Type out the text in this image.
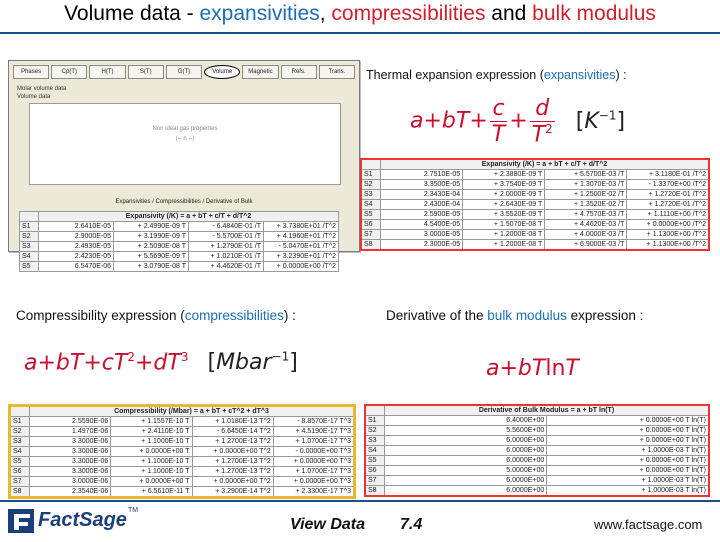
Volume data - expansivities, compressibilities and bulk modulus
Phases	Cp(T)	H(T)	S(T)	G(T)	Volume	Magnetic	Refs.	Trans.
Molar volume data
Volume data
Non ideal gas properties
(-- n --)
Expansivities / Compressibilities / Derivative of Bulk
	Expansivity (/K) = a + bT + c/T + d/T^2			
S1	2.6410E-05	+ 2.4990E-09 T	- 6.4840E-01 /T	+ 3.7380E+01 /T^2
S2	2.9000E-05	+ 3.1990E-09 T	- 5.5700E-01 /T	+ 4.1960E+01 /T^2
S3	2.4930E-05	+ 2.5090E-08 T	+ 1.2790E-01 /T	- 5.0470E+01 /T^2
S4	2.4230E-05	+ 5.5690E-09 T	+ 1.0210E-01 /T	+ 3.2390E+01 /T^2
S5	6.5470E-06	+ 3.0790E-08 T	+ 4.4620E-01 /T	+ 0.0000E+00 /T^2
Thermal expansion expression (expansivities) :
$a+bT+ \frac{c}{T} + \frac{d}{T^2} [K^{-1}]$
	Expansivity (/K) = a + bT + c/T + d/T^2			
S1	2.7510E-05	+ 2.3880E-09 T	+ 5.5700E-03 /T	+ 3.1180E-01 /T^2
S2	3.3500E-05	+ 3.7540E-09 T	+ 1.3070E-03 /T	- 1.3370E+00 /T^2
S3	2.3430E-04	+ 2.0000E-09 T	+ 1.2500E-02 /T	+ 1.2720E-01 /T^2
S4	2.4300E-04	+ 2.6430E-09 T	+ 1.3520E-02 /T	+ 1.2720E-01 /T^2
S5	2.5900E-05	+ 3.5520E-09 T	+ 4.7570E-03 /T	+ 1.1110E+00 /T^2
S6	4.5400E-05	+ 1.5070E-08 T	+ 4.4620E-03 /T	+ 0.0000E+00 /T^2
S7	3.0000E-05	+ 1.2000E-08 T	+ 4.0000E-03 /T	+ 1.1300E+00 /T^2
S8	2.3000E-05	+ 1.2000E-08 T	+ 6.9000E-03 /T	+ 1.1300E+00 /T^2
Compressibility expression (compressibilities) :	Derivative of the bulk modulus expression :
$a+bT+cT^2+dT^3$ [Mbar$^{-1}$]	a+bTlnT
	Compressibility (/Mbar) = a + bT + cT^2 + dT^3			
S1	2.5590E-06	+ 1.1557E-10 T	+ 1.0180E-13 T^2	- 8.8570E-17 T^3
S2	1.4970E-06	+ 2.4110E-10 T	- 6.6450E-14 T^2	+ 4.5190E-17 T^3
S3	3.3000E-06	+ 1.1000E-10 T	+ 1.2700E-13 T^2	+ 1.0700E-17 T^3
S4	3.3000E-06	+ 0.0000E+00 T	+ 0.0000E+00 T^2	- 0.0000E+00 T^3
S5	3.3000E-06	+ 1.1000E-10 T	+ 1.2700E-13 T^2	+ 0.0000E+00 T^3
S6	3.3000E-06	+ 1.1000E-10 T	+ 1.2700E-13 T^2	+ 1.0700E-17 T^3
S7	3.0000E-06	+ 0.0000E+00 T	+ 0.0000E+00 T^2	+ 0.0000E+00 T^3
S8	2.3540E-06	+ 6.5610E-11 T	+ 3.2900E-14 T^2	+ 2.3300E-17 T^3
	Derivative of Bulk Modulus = a + bT ln(T)	
S1	6.4000E+00	+ 0.0000E+00 T ln(T)
S2	5.5600E+00	+ 0.0000E+00 T ln(T)
S3	6.0000E+00	+ 0.0000E+00 T ln(T)
S4	6.0000E+00	+ 1.0000E-03 T ln(T)
S5	6.0000E+00	+ 0.0000E+00 T ln(T)
S6	5.0000E+00	+ 0.0000E+00 T ln(T)
S7	6.0000E+00	+ 1.0000E-03 T ln(T)
S8	6.0000E+00	+ 1.0000E-03 T ln(T)
FactSage TM
View Data 7.4	www.factsage.com
